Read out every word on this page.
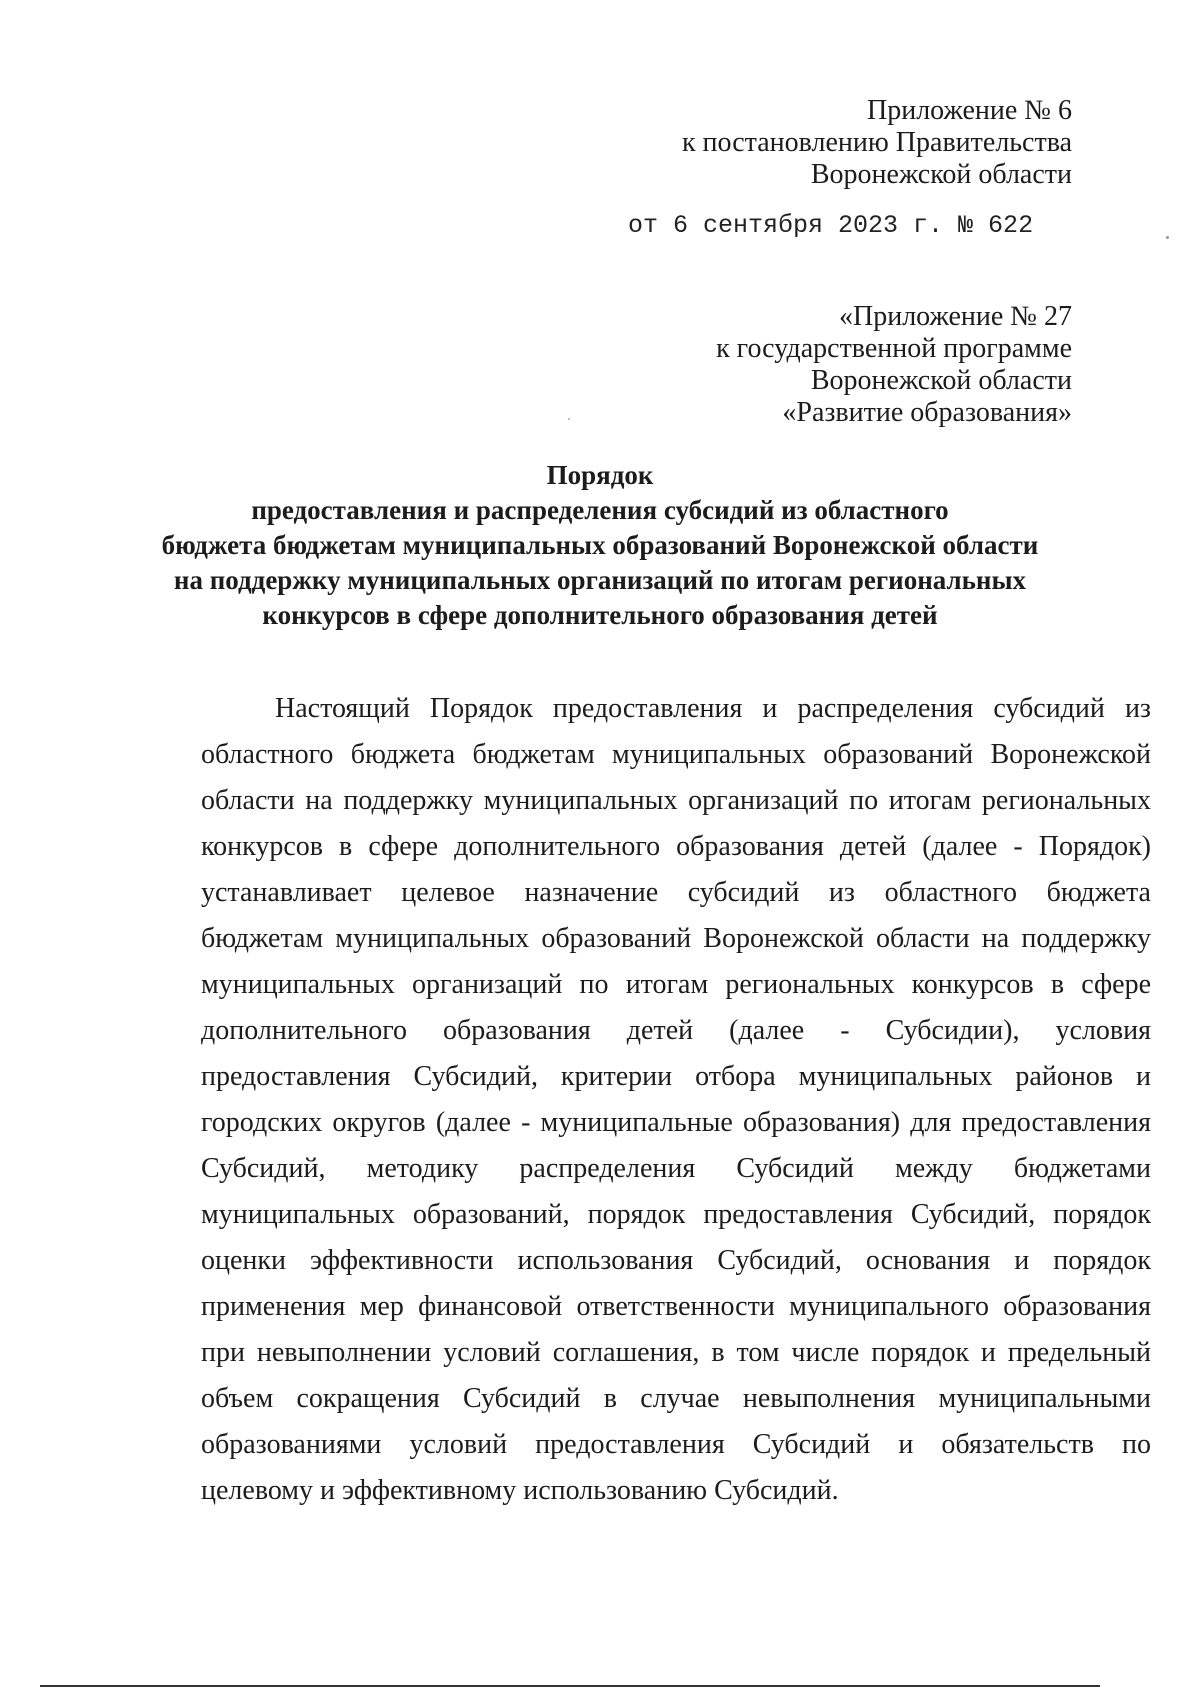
Приложение № 6
к постановлению Правительства
Воронежской области
от 6 сентября 2023 г. № 622
«Приложение № 27
к государственной программе
Воронежской области
«Развитие образования»
Порядок
предоставления и распределения субсидий из областного
бюджета бюджетам муниципальных образований Воронежской области
на поддержку муниципальных организаций по итогам региональных
конкурсов в сфере дополнительного образования детей
Настоящий Порядок предоставления и распределения субсидий из
областного бюджета бюджетам муниципальных образований Воронежской
области на поддержку муниципальных организаций по итогам региональных
конкурсов в сфере дополнительного образования детей (далее - Порядок)
устанавливает целевое назначение субсидий из областного бюджета
бюджетам муниципальных образований Воронежской области на поддержку
муниципальных организаций по итогам региональных конкурсов в сфере
дополнительного образования детей (далее - Субсидии), условия
предоставления Субсидий, критерии отбора муниципальных районов и
городских округов (далее - муниципальные образования) для предоставления
Субсидий, методику распределения Субсидий между бюджетами
муниципальных образований, порядок предоставления Субсидий, порядок
оценки эффективности использования Субсидий, основания и порядок
применения мер финансовой ответственности муниципального образования
при невыполнении условий соглашения, в том числе порядок и предельный
объем сокращения Субсидий в случае невыполнения муниципальными
образованиями условий предоставления Субсидий и обязательств по
целевому и эффективному использованию Субсидий.
